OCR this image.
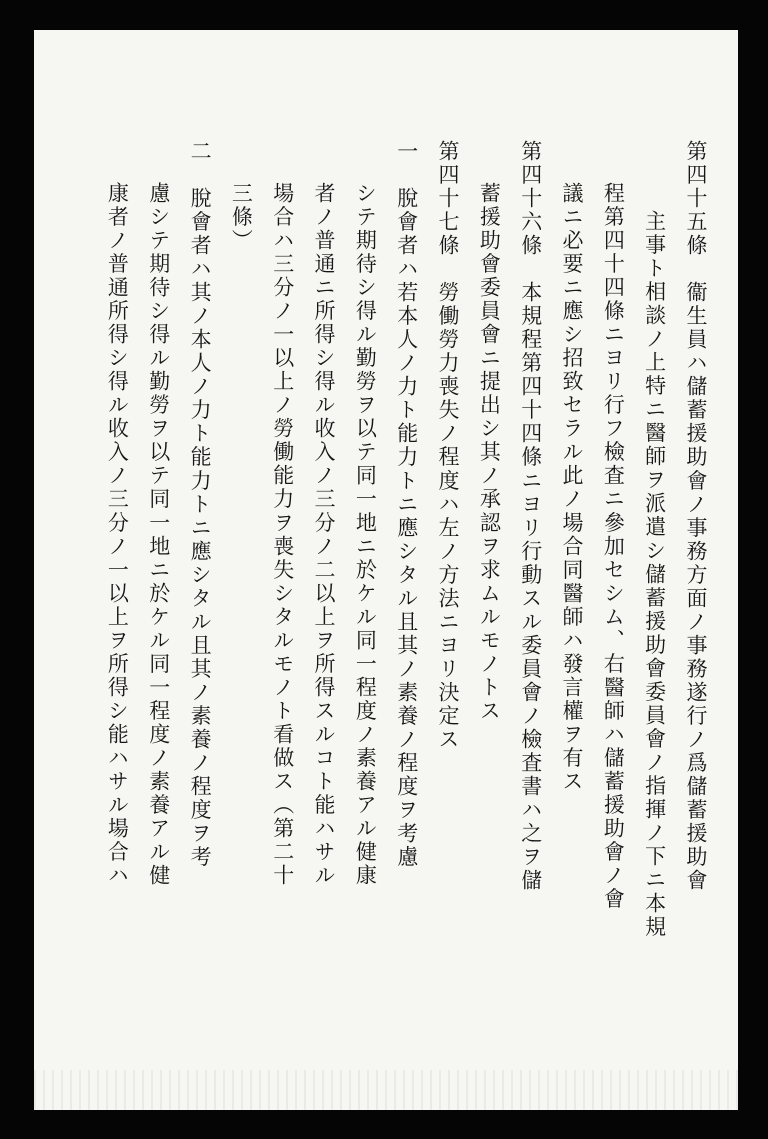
第四十五條　衞生員ハ儲蓄援助會ノ事務方面ノ事務遂行ノ爲儲蓄援助會
主事ト相談ノ上特ニ醫師ヲ派遣シ儲蓄援助會委員會ノ指揮ノ下ニ本規
程第四十四條ニヨリ行フ檢査ニ參加セシム、右醫師ハ儲蓄援助會ノ會
議ニ必要ニ應シ招致セラル此ノ場合同醫師ハ發言權ヲ有ス
第四十六條　本規程第四十四條ニヨリ行動スル委員會ノ檢査書ハ之ヲ儲
蓄援助會委員會ニ提出シ其ノ承認ヲ求ムルモノトス
第四十七條　勞働勞力喪失ノ程度ハ左ノ方法ニヨリ決定ス
一　脫會者ハ若本人ノ力ト能力トニ應シタル且其ノ素養ノ程度ヲ考慮
シテ期待シ得ル勤勞ヲ以テ同一地ニ於ケル同一程度ノ素養アル健康
者ノ普通ニ所得シ得ル收入ノ三分ノ二以上ヲ所得スルコト能ハサル
場合ハ三分ノ一以上ノ勞働能力ヲ喪失シタルモノト看做ス（第二十
三條）
二　脫會者ハ其ノ本人ノ力ト能力トニ應シタル且其ノ素養ノ程度ヲ考
慮シテ期待シ得ル勤勞ヲ以テ同一地ニ於ケル同一程度ノ素養アル健
康者ノ普通所得シ得ル收入ノ三分ノ一以上ヲ所得シ能ハサル場合ハ
